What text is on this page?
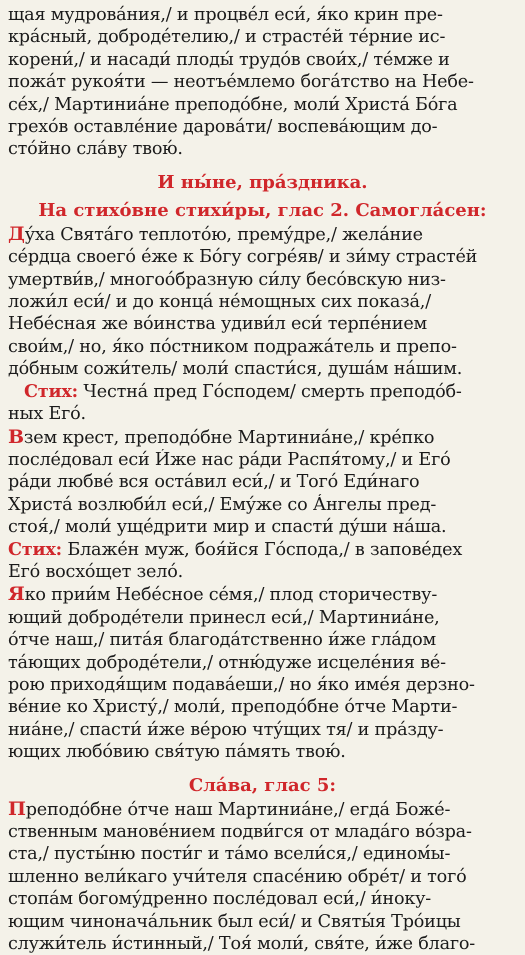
щая мудрова́ния,/ и процве́л еси́, я́ко крин пре-
кра́сный, доброде́телию,/ и страсте́й те́рние ис-
корени́,/ и насади́ плоды́ трудо́в свои́х,/ те́мже и
пожа́т рукоя́ти — неотъе́млемо бога́тство на Небе-
се́х,/ Мартиниа́не преподо́бне, моли́ Христа́ Бо́га
грехо́в оставле́ние дарова́ти/ воспева́ющим до-
сто́йно сла́ву твою́.
И ны́не, пра́здника.
На стихо́вне стихи́ры, глас 2. Самогла́сен:
Ду́ха Свята́го теплото́ю, прему́дре,/ жела́ние
се́рдца своего́ е́же к Бо́гу согре́яв/ и зи́му страсте́й
умертви́в,/ многоо́бразную си́лу бесо́вскую низ-
ложи́л еси́/ и до конца́ не́мощных сих показа́,/
Небе́сная же во́инства удиви́л еси́ терпе́нием
свои́м,/ но, я́ко по́стником подража́тель и препо-
до́бным сожи́тель/ моли́ спасти́ся, душа́м на́шим.
Стих: Честна́ пред Го́сподем/ смерть преподо́б-
ных Его́.
Взем крест, преподо́бне Мартиниа́не,/ кре́пко
после́довал еси́ И́же нас ра́ди Распя́тому,/ и Его́
ра́ди любве́ вся оста́вил еси́,/ и Того́ Еди́наго
Христа́ возлюби́л еси́,/ Ему́же со А́нгелы пред-
стоя́,/ моли́ уще́дрити мир и спасти́ ду́ши на́ша.
Стих: Блаже́н муж, боя́йся Го́спода,/ в запове́дех
Его́ восхо́щет зело́.
Яко прии́м Небе́сное се́мя,/ плод сторичеству-
ющий доброде́тели принесл еси́,/ Мартиниа́не,
о́тче наш,/ пита́я благода́тственно и́же гла́дом
та́ющих доброде́тели,/ отню́дуже исцеле́ния ве́-
рою приходя́щим подава́еши,/ но я́ко име́я дерзно-
ве́ние ко Христу́,/ моли́, преподо́бне о́тче Марти-
ниа́не,/ спасти́ и́же ве́рою чту́щих тя/ и пра́зду-
ющих любо́вию свя́тую па́мять твою́.
Сла́ва, глас 5:
Преподо́бне о́тче наш Мартиниа́не,/ егда́ Боже́-
ственным мановéнием подви́гся от млада́го во́зра-
ста,/ пусты́ню пости́г и та́мо всели́ся,/ едином́ы-
шленно вели́каго учи́теля спасе́нию обре́т/ и того́
стопа́м богому́дренно после́довал еси́,/ и́ноку-
ющим чиноначáльник был еси́/ и Святы́я Тро́ицы
служи́тель и́стинный,/ Тоя́ моли́, свя́те, и́же благо-
